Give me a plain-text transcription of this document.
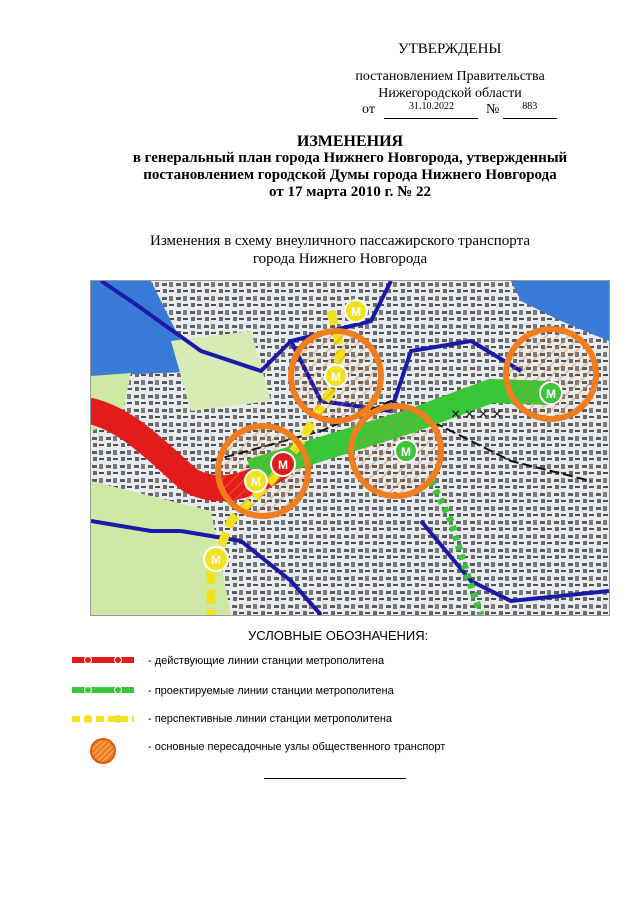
УТВЕРЖДЕНЫ
постановлением Правительства
Нижегородской области
от	$^{31.10.2022}$ № $^{883}$
ИЗМЕНЕНИЯ
в генеральный план города Нижнего Новгорода, утвержденный
постановлением городской Думы города Нижнего Новгорода
от 17 марта 2010 г. № 22
Изменения в схему внеуличного пассажирского транспорта
города Нижнего Новгорода
М
М
М
М
М
М
М
× × × ×
УСЛОВНЫЕ ОБОЗНАЧЕНИЯ:
- действующие линии станции метрополитена
- проектируемые линии станции метрополитена
- перспективные линии станции метрополитена
- основные пересадочные узлы общественного транспорт
